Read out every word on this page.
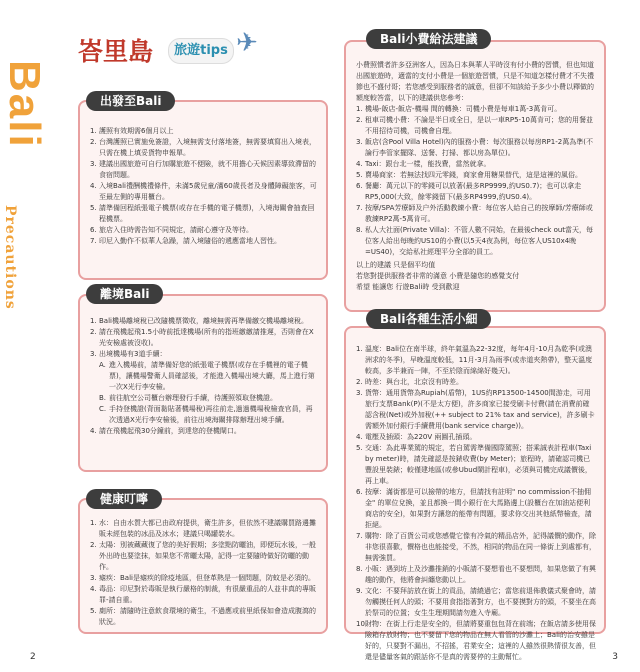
Bali
Precautions
峇里島	旅遊tips ✈
1. 護照有效期需6個月以上
2. 台灣護照已實施免簽證，入境無需支付落地簽，無需要填寫出入境表，只需在機上填妥貨物申報單。
3. 建議出國旅遊可自行加購旅遊不便險，就不用擔心天候因素導致滯留的食宿問題。
4. 入境Bali禮酬機禮條件，未滿5歲兒童/滿60歲長者及身體障礙旅客，可至最左側的專用櫃台。
5. 請準備回程紙張電子機票(或存在手機的電子機票)，入境海關會抽查回程機票。
6. 旅店入住時需告知不同規定，請耐心遵守及等待。
7. 印尼入勤作不似華人急躁，請入境隨俗的遞應當地人習性。
出發至Bali
1. Bali機場離境稅已改隨機票徵收，離境無需再準備繳交機場離境稅。
2. 請在飛機起飛1.5小時前抵達機場(所有的指班繳繳請推遲，否則會在X光安檢處被沒收)。
3. 出境機場有3道手續：
A. 進入機場前，請準備好您的紙張電子機票(或存在手機裡的電子機票)，讓機場警衛人員確認後，才能進入機場出境大廳，馬上進行第一次X光行李安檢。
B. 前往航空公司櫃台辦理發行手續，待護照領取登機證。
C. 手持登機證(背面黏貼著機場稅)再往前走,過過機場稅檢查官員，再次透過X光行李安檢後，前往出境海關排隊辦理出境手續。
4. 請在飛機起飛30分鐘前，到達您的登機閘口。
離境Bali
1. 水：自由水質大都已由政府提供，衛生許多，但依然不建議購買路邊攤販未經包裝的冰品及冰水；建議只喝罐裝水。
2. 太陽：別被藏藏復了您的美好假期；多塗點防曬油，即便玩水後，一般外出時也要塗抹，如果您不常曬太陽，記得一定要隨時做好防曬的動作。
3. 瘧疾：Bali是瘧疾的除疫地區，但登革熱是一個問題，防蚊是必須的。
4. 毒品：印尼對於毒販是執行嚴格的制裁，有很嚴重品的人並非真的專販罪-請自重。
5. 廁所：請隨時注意飲食環境的衛生，不過應或前里紙保如會造成腹瀉的狀況。
健康叮嚀

小費照慣者許多亞洲客人，因為日本與華人平時沒有付小費的習慣，但也知道出國旅遊時，適當的支付小費是一個旅遊習慣，只是不知道怎樣付費才不失禮節也不盛付哥；若您感受到服務者的誠意，但卻不知該給予多少小費以釋做的額度較答當，以下的建議供您參考：

1. 機場-飯店-飯店-機場 間的轉換：司機小費是每車1萬-3萬肯可。
2. 租車司機小費：不論是半日或全日，是以一車RP5-10萬肯可；您的用餐並不用招待司機，司機會自理。
3. 飯店(含Pool Villa Hotel)內的服務小費：每次服務以每房RP1-2萬為準(不論行李管家擺隊、送餐、打掃、都以房為單位)。
4. Taxi：跟台北一樣，能找費，當然就拿。
5. 賣場商家：若無法找四元零錢，商家會用糖果替代，這是這裡的風俗。
6. 餐廳：萬元以下的零錢可以放著(最多RP9999,約US0.7)；也可以拿走RP5,000(大致，餘零錢留下(最多RP4999,約US0.4)。
7. 按摩/SPA芳療師及户外活動教練小費：每位客人給自己的按摩師/芳療師或教練RP2萬-5萬肯可。
8. 私人大社面(Private Villa)：不管人數不同始，在最後check out當天，每位客人給出每晚約US10的小費(以5天4夜為例，每位客人US10x4晚=US40)，交給私社經理平分全部的員工。
以上的建議 只是個平均值
若您對提供服務者非常的滿意 小費是隨您的感覺支付
希望 能讓您 行遊Bali時 受到歡迎
Bali小費給法建議
1. 溫度：Bali位在南半球，終年氣溫為22-32度，每年4月-10月為乾季(或澳洲求的冬季)，早晚溫度較低，11月-3月為雨季(或赤道夾熱帶)，整天溫度較高，多半兼而一陣，不至於陰而綿綿好幾天)。
2. 時差：與台北，北京沒有時差。
3. 貨幣：通用貨幣為Rupiah(盾幣)，1US約RP13500-14500間游走，可用旅行支票Bank(P)(不是太方便)，許多商家已接受刷卡付費(請在消費前確認含稅(Net)或外加稅(++ subject to 21% tax and service)，許多刷卡需額外加付銀行手續費用(bank service charge))。
4. 電壓及插頭：為220V 兩圓孔插頭。
5. 交通：為此專業駕的規定，若自駕需準備國際駕照；搭乘誠表計程車(Taxi by meter)時，請先確認是按錶收費(by Meter)；旅程時，請確認司機已豐設里裝錶；較僅建地區(或參Ubud鬧計程車)，必須與司機完成議價後，再上車。
6. 按摩：滿街都是可以撿帶的地方，但請找有註明" no commission不抽佣金" 的單位兌換，並且都換一間小銀行在大馬路邊上(設櫃台在加油站便利商店的安全)，如果對方讓您的能帶有問題，要求你交出其他紙幣檢查，請拒絕。
7. 購物：除了百貨公司或您感覺它像有冷氣的精品店外，記得議價的動作，除非您很喜歡，價格也也能接受，不然，相同的物品在同一條街上到處都有，無需強買。
8. 小販：遇到坊上及沙灘推銷的小販請不要想看也不要想問，如果您做了有興趣的動作，他將會糾纏您動以上。
9. 文化：不要拜訪放在街上的貢品，請繞過它；當您前退佈教儀式聚會時，請勿觸摸任何人的頭；不要用食指指著對方，也不要摸對方的頭，不要坐在高於祭司的位置；女生生理期間請勿進入寺廟。
10.
財物：在街上行走是安全的，但請將要重包包背在前端；在飯店請多使用保險箱存放財物；也不要留下您的物品在無人看管的沙灘上；Bali的治安雖是好的，只要對不漏出，不招搖，君業安全；這裡的人雖然很熱情很友善，但還是儘量客氣的跟話你不是真的需要停的主動幫忙。
Bali各種生活小細
2	3
